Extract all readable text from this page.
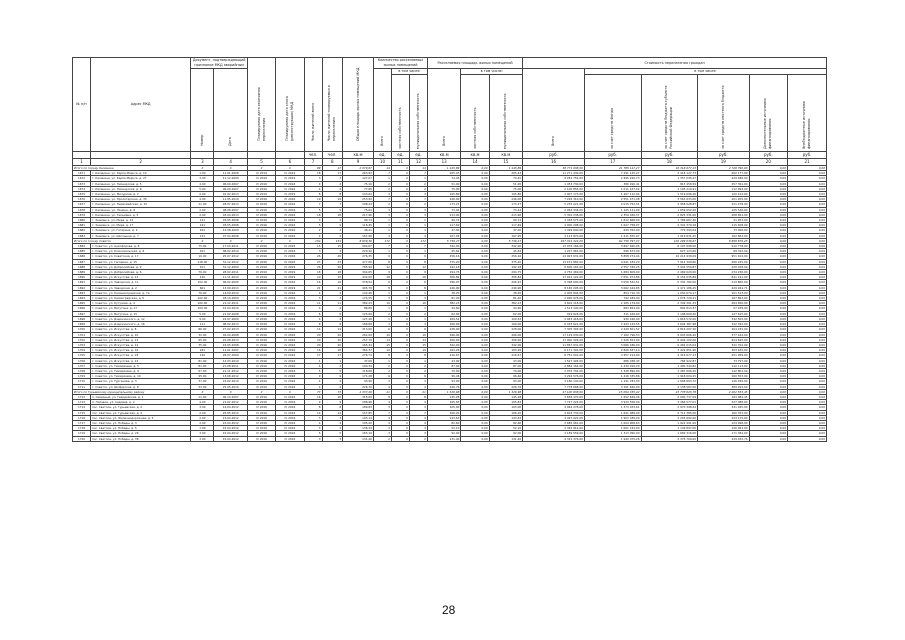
№ п/п	Адрес МКД	Документ, подтверждающий признание МКД аварийным		Планируемая дата окончания переселения	Планируемая дата сноса (реконструкции) МКД	Число жителей всего	Число жителей планируемых к переселению	Общая площадь жилых помещений МКД	Количество расселяемых жилых помещений			Расселяемая площадь жилых помещений			Стоимость переселения граждан					
		Номер	Дата						Всего	в том числе:		Всего	в том числе:		Всего	в том числе:				
										частная собственность	муниципальная собственность		частная собственность	муниципальная собственность		за счет средств Фонда	за счет средств бюджета субъекта Российской Федерации	за счет средств местного бюджета	Дополнительные источники финансирования	Внебюджетные источники финансирования
						чел.	чел.	кв.м	ед.	ед.	ед.	кв.м	кв.м	кв.м	руб.	руб.	руб.	руб.	руб.	руб.
1	2	3	4	5	6	7	8	9	10	11	12	13	14	15	16	17	18	19	20	21
Итого по городу Калинина		X	X	X	X	89	17	2 079,67	14	0	14	1 445,89	0,00	1 445,89	38 771 038,00	21 785 147,27	16 316 677,23	2 729 790,00	0,00	0,00
1671	г. Калинина, ул. Карла Маркса, д. 10	1.00	11.01.2008	IV 2019	IV 2019	18	17	263,92	7	0	7	205,43	0,00	205,43	11 271 430,00	7 291 125,27	3 418 127,73	562 177,00	0,00	0,00
1672	г. Калинина, ул. Карла Маркса, д. 27	3.00	11.12.2009	IV 2019	IV 2019	3	3	127,07	1	0	1	74,45	0,00	74,45	4 281 752,00	2 495 220,73	1 357 045,27	429 486,00	0,00	0,00
1673	г. Калинина, ул. Пионерская, д. 5	4.00	06.09.2007	IV 2016	IV 2016	4	4	75,16	2	0	2	51,00	0,00	51,00	1 453 730,00	380 910,41	815 458,59	257 361,00	0,00	0,00
1674	г. Калинина, ул. Пионерская, д. 6	5.00	06.09.2007	IV 2016	IV 2016	4	4	77,66	2	0	2	75,00	0,00	75,00	2 100 855,00	1 011 437,02	1 105 210,91	112 994,00	0,00	0,00
1675	г. Калинина, ул. Мичурина, д. 2	2.00	01.02.2013	IV 2019	IV 2019	8	8	143,64	3	0	3	105,80	0,00	105,80	2 907 173,00	1 267 112,04	1 519 696,26	120 414,00	0,00	0,00
1676	г. Калинина, ул. Пролетарская, д. 35	4.00	11.05.2010	IV 2016	IV 2016	19	19	253,94	7	0	7	246,00	0,00	246,00	7 226 310,00	2 551 471,48	3 563 633,00	201 205,00	0,00	0,00
1677	г. Калинина, ул. Первомайская, д. 15	11.00	28.07.2013	IV 2016	IV 2016	7	7	198,24	2	0	2	173,27	0,00	173,27	5 235 221,00	2 015 752,31	2 958 028,87	221 478,00	0,00	0,00
1678	г. Калинина, ул. Ленина, д. 8	2.00	08.08.2007	IV 2016	IV 2016	5	5	75,64	3	0	3	73,44	0,00	73,44	2 063 334,00	1 145 111,00	1 659 052,20	125 540,00	0,00	0,00
1679	г. Калинина, ул. Тельмана, д. 5	2.00	03.04.2013	IV 2016	IV 2016	18	18	217,96	3	0	3	213,90	0,00	213,90	5 302 238,00	2 359 030,37	2 825 331,00	208 854,00	0,00	0,00
1680	г. Знаменск, ул. Мира, д. 15	121	03.05.2008	IV 2016	IV 2016	3	3	99,74	1	0	1	99,74	0,00	99,74	3 438 575,00	1 612 668,00	1 786 667,40	21 953,00	0,00	0,00
1681	г. Знаменск, ул. Мира, д. 17	141	03.05.2008	IV 2016	IV 2016	5	5	118,45	1	0	1	117,69	0,00	117,69	4 000 298,00	1 627 758,97	2 341 379,18	115 408,00	0,00	0,00
1682	г. Знаменск, ул. Гагарина, д. 2	161	14.08.2009	IV 2016	IV 2016	2	2	46,21	1	0	1	47,00	0,00	47,00	1 499 600,00	630 763,00	779 393,04	73 006,00	0,00	0,00
1683	г. Знаменск, ул. Школьная, д. 7	131	07.04.2008	IV 2016	IV 2016	4	4	167,96	4	0	4	107,95	0,00	107,95	3 113 870,00	1 411 555,07	1 919 831,25	162 663,00	0,00	0,00
Итого по городу Советск		X	X	X	X	154	154	8 939,30	172	0	172	5 736,47	0,00	5 736,47	197 344 324,00	64 756 797,37	102 299 036,67	6 859 876,25	0,00	0,00
1684	г. Советск, ул. Анисфорова, д. 8	75.00	17.03.2011	IV 2016	IV 2016	15	15	404,67	7	0	7	342,00	0,00	342,00	13 076 166,00	3 897 460,05	8 197 698,00	910 778,00	0,00	0,00
1685	г. Советск, ул. Комсомольская, д. 6	421	08.02.2010	IV 2016	IV 2016	3	3	229,40	1	0	1	45,62	0,00	45,62	1 227 961,00	590 673,00	627 123,00	69 322,00	0,00	0,00
1686	г. Советск, ул. Советская, д. 17	10.00	25.07.2012	IV 2016	IV 2016	26	26	276,35	9	0	9	256,16	0,00	256,16	14 923 631,00	5 858 274,44	10 214 939,09	951 102,00	0,00	0,00
1687	г. Советск, ул. Гагарина, д. 15	118.00	31.12.2012	IV 2016	IV 2016	23	23	477,06	8	0	8	375,20	0,00	375,20	13 151 882,00	4 641 184,20	7 914 309,60	566 225,00	0,00	0,00
1688	г. Советск, ул. Добролюбова, д. 9	101	31.12.2009	IV 2019	IV 2019	26	26	785,99	12	0	12	192,18	0,00	192,18	6 600 161,00	2 557 330,25	3 442 554,87	220 168,00	0,00	0,00
1689	г. Советск, ул. Добролюбова, д. 6	76.00	28.02.2011	IV 2019	IV 2019	18	18	344,65	9	0	9	294,75	0,00	294,75	4 750 469,00	1 684 609,00	2 469 020,00	234 236,00	0,00	0,00
1690	г. Советск, ул. Искусства, д. 23	120	11.11.2010	IV 2019	IV 2019	10	10	432,00	18	0	18	306,82	0,00	306,82	17 912 122,00	7 051 973,86	8 154 035,89	841 191,00	0,00	0,00
1691	г. Советск, ул. Заводская, д. 11	102.00	06.02.2009	IV 2016	IV 2016	16	16	378,54	6	0	6	296,97	0,00	296,97	9 398 600,00	3 056 542,51	5 332 782,00	219 860,00	0,00	0,00
1692	г. Советск, ул. Заводская, д. 2	601	13.09.2013	IV 2019	IV 2019	21	21	405,79	8	0	8	246,90	0,00	246,90	8 165 295,00	3 062 444,85	4 471 186,25	429 264,71	0,00	0,00
1693	г. Советск, ул. Калининградская, д. 7а	76.00	14.09.2010	IV 2016	IV 2016	4	4	142,46	1	0	1	38,20	0,00	38,20	2 005 844,00	854 710,30	1 050 074,17	101 513,00	0,00	0,00
1694	г. Советск, ул. Калинградская, д. 5	102.00	03.10.2009	IV 2016	IV 2016	3	3	174,55	3	0	3	81,40	0,00	81,40	2 000 976,00	742 184,00	1 078 720,21	167 863,00	0,00	0,00
1695	г. Советск, ул. Кутузова, д. 4	100.00	21.12.2011	IV 2016	IV 2016	11	11	382,23	10	0	10	382,23	0,00	382,23	4 602 118,00	2 165 179,00	2 349 301,33	264 656,00	0,00	0,00
1696	г. Советск, ул. Ватутина, д. 17	100.00	15.04.2010	IV 2016	IV 2016	4	4	86,89	1	0	1	44,60	0,00	44,60	1 513 100,00	683 654,00	892 813,37	57 978,00	0,00	0,00
1697	г. Советск, ул. Ватутина, д. 15	5.00	21.02.2008	IV 2016	IV 2016	6	6	125,69	2	0	2	62,00	0,00	62,00	919 624,00	311 449,60	1 198 609,40	127 615,00	0,00	0,00
1698	г. Советск, ул. Дзержинского, д. 12	9.00	22.07.2009	IV 2016	IV 2016	4	4	127,26	1	0	1	109,52	0,00	109,52	2 943 418,00	930 448,00	1 818 572,00	342 502,00	0,00	0,00
1699	г. Советск, ул. Дзержинского, д. 16	111	08.02.2013	IV 2016	IV 2016	8	8	186,68	3	0	3	160,00	0,00	160,00	6 433 621,00	2 443 143,55	3 644 387,98	342 392,00	0,00	0,00
1700	г. Советск, ул. Искусства, д. 8	86.00	27.02.2013	IV 2016	IV 2016	14	14	313,00	6	0	6	228,00	0,00	228,00	7 305 303,00	2 249 501,52	4 816 207,26	204 232,00	0,00	0,00
1701	г. Советск, ул. Искусства, д. 10	32.00	04.04.2008	IV 2016	IV 2016	20	20	261,09	10	0	10	496,00	0,00	496,00	17 129 030,00	7 162 796,53	9 003 606,20	377 442,00	0,00	0,00
1702	г. Советск, ул. Искусства, д. 12	95.00	22.08.2013	IV 2016	IV 2016	20	20	257,79	14	0	14	306,00	0,00	306,00	17 000 326,00	7 226 813,00	8 944 102,00	924 625,00	0,00	0,00
1703	г. Советск, ул. Искусства, д. 14	35.00	16.05.2008	IV 2016	IV 2016	20	20	165,34	15	0	15	342,00	0,00	342,00	11 857 031,00	3 066 186,00	6 464 015,04	341 702,00	0,00	0,00
1704	г. Советск, ул. Искусства, д. 16	181	11.01.2007	IV 2016	IV 2016	16	16	364,37	10	0	10	163,26	0,00	163,26	6 171 391,00	2 826 637,10	3 422 851,90	303 635,00	0,00	0,00
1705	г. Советск, ул. Искусства, д. 18	120	26.07.2009	IV 2016	IV 2016	17	17	276,74	8	0	8	216,67	0,00	216,67	8 751 041,00	3 457 214,00	4 316 677,13	451 959,00	0,00	0,00
1706	г. Советск, ул. Искусства, д. 22	81.00	14.03.2010	IV 2016	IV 2016	1	1	47,00	1	0	1	43,00	0,00	43,00	1 527 405,00	686 038,43	784 922,87	73 797,00	0,00	0,00
1707	г. Советск, ул. Тимирязева, д. 5	81.00	21.08.2011	IV 2016	IV 2016	4	4	100,34	2	0	2	87,00	0,00	87,00	2 882 164,00	1 239 910,20	1 490 344,82	142 113,00	0,00	0,00
1708	г. Советск, ул. Тимирязева, д. 9	67.00	21.11.2012	IV 2016	IV 2016	5	5	118,08	2	0	2	70,00	0,00	70,00	2 076 702,00	1 328 890,90	1 487 606,45	142 801,00	0,00	0,00
1709	г. Советск, ул. Тимирязева, д. 10	95.00	13.08.2012	IV 2016	IV 2016	9	9	171,28	6	0	6	96,46	0,00	96,46	3 294 576,00	1 416 335,86	1 918 004,25	160 553,00	0,00	0,00
1710	г. Советск, ул. Тургенева, д. 3	37.00	15.02.2010	IV 2016	IV 2016	4	4	93,90	3	0	3	93,00	0,00	93,00	3 180 140,00	1 191 783,00	1 608 603,72	146 456,00	0,00	0,00
1711	г. Советск, ул. Шоферская, д. 8	33.00	25.05.2010	IV 2016	IV 2016	4	4	226,76	4	0	4	226,76	0,00	226,76	7 778 668,00	3 161 620,00	4 138 587,00	389 493,00	0,00	0,00
Итого по Гурьевскому муниципальному району		X	X	X	X	73	73	2 337,29	21	0	21	1 326,98	0,00	1 326,98	47 100 638,00	15 094 355,42	23 778 625,78	2 202 553,45	0,00	0,00
1712	п. Северный, ул. Гвардейская, д. 1	11.00	06.10.2007	IV 2016	IV 2016	16	16	315,00	8	0	8	145,28	0,00	145,28	3 836 470,00	1 652 649,46	2 000 737,09	183 084,45	0,00	0,00
1713	п. Полевое, ул. Садовая, д. 2	4.00	21.02.2012	IV 2016	IV 2016	9	9	188,98	4	0	4	165,83	0,00	165,83	7 727 224,00	3 933 558,00	3 466 577,01	327 088,00	0,00	0,00
1714	пос. Светлое, ул. Гурьевская, д. 2	3.00	14.04.2012	IV 2016	IV 2016	8	8	189,83	3	0	3	105,00	0,00	105,00	4 964 278,00	1 373 933,61	2 970 398,44	341 945,00	0,00	0,00
1715	пос. Светлое, ул. Гурьевская, д. 4	2.00	25.05.2010	IV 2016	IV 2016	14	14	157,85	7	0	7	106,20	0,00	106,20	4 603 730,00	1 641 989,00	2 712 385,00	160 353,00	0,00	0,00
1716	пос. Светлое, ул. Железнодорожная, д. 5	2.00	13.04.2012	IV 2016	IV 2016	3	3	103,14	4	0	4	143,63	0,00	143,63	4 497 022,00	1 903 330,00	2 293 692,00	223 115,00	0,00	0,00
1717	пос. Светлое, ул. Победы, д. 3	2.00	15.04.2012	IV 2016	IV 2016	4	4	195,20	4	0	4	82,60	0,00	82,60	2 685 961,00	1 004 908,63	1 922 491,00	124 998,00	0,00	0,00
1718	пос. Светлое, ул. Победы, д. 5	7.00	15.04.2012	IV 2016	IV 2016	3	3	136,34	3	0	3	52,10	0,00	52,10	2 345 914,00	1 001 232,00	1 149 897,00	126 063,00	0,00	0,00
1719	пос. Светлое, ул. Победы, д. 26	3.00	15.04.2012	IV 2016	IV 2016	5	5	165,19	3	0	3	92,00	0,00	92,00	3 189 559,00	1 313 090,00	1 669 316,00	171 384,00	0,00	0,00
1720	пос. Светлое, ул. Победы, д. 38	3.00	15.04.2012	IV 2016	IV 2016	3	3	131,40	2	0	2	131,40	0,00	131,40	4 321 376,00	1 940 075,26	2 376 769,00	229 032,76	0,00	0,00
28
